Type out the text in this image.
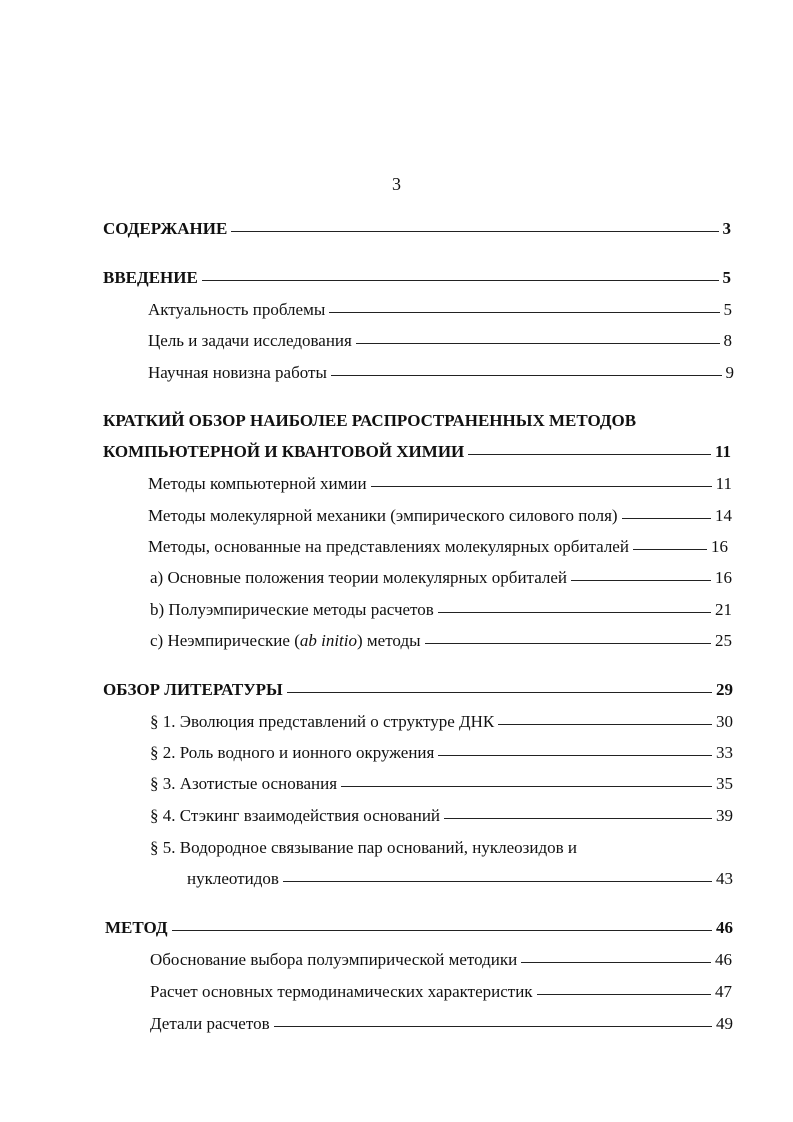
3
СОДЕРЖАНИЕ	3
ВВЕДЕНИЕ	5
Актуальность проблемы	5
Цель и задачи исследования	8
Научная новизна работы	9
КРАТКИЙ ОБЗОР НАИБОЛЕЕ РАСПРОСТРАНЕННЫХ МЕТОДОВ
КОМПЬЮТЕРНОЙ И КВАНТОВОЙ ХИМИИ	11
Методы компьютерной химии	11
Методы молекулярной механики (эмпирического силового поля)	14
Методы, основанные на представлениях молекулярных орбиталей	16
а) Основные положения теории молекулярных орбиталей	16
b) Полуэмпирические методы расчетов	21
с) Неэмпирические (ab initio) методы	25
ОБЗОР ЛИТЕРАТУРЫ	29
§ 1. Эволюция представлений о структуре ДНК	30
§ 2. Роль водного и ионного окружения	33
§ 3. Азотистые основания	35
§ 4. Стэкинг взаимодействия оснований	39
§ 5. Водородное связывание пар оснований, нуклеозидов и
нуклеотидов	43
МЕТОД	46
Обоснование выбора полуэмпирической методики	46
Расчет основных термодинамических характеристик	47
Детали расчетов	49
